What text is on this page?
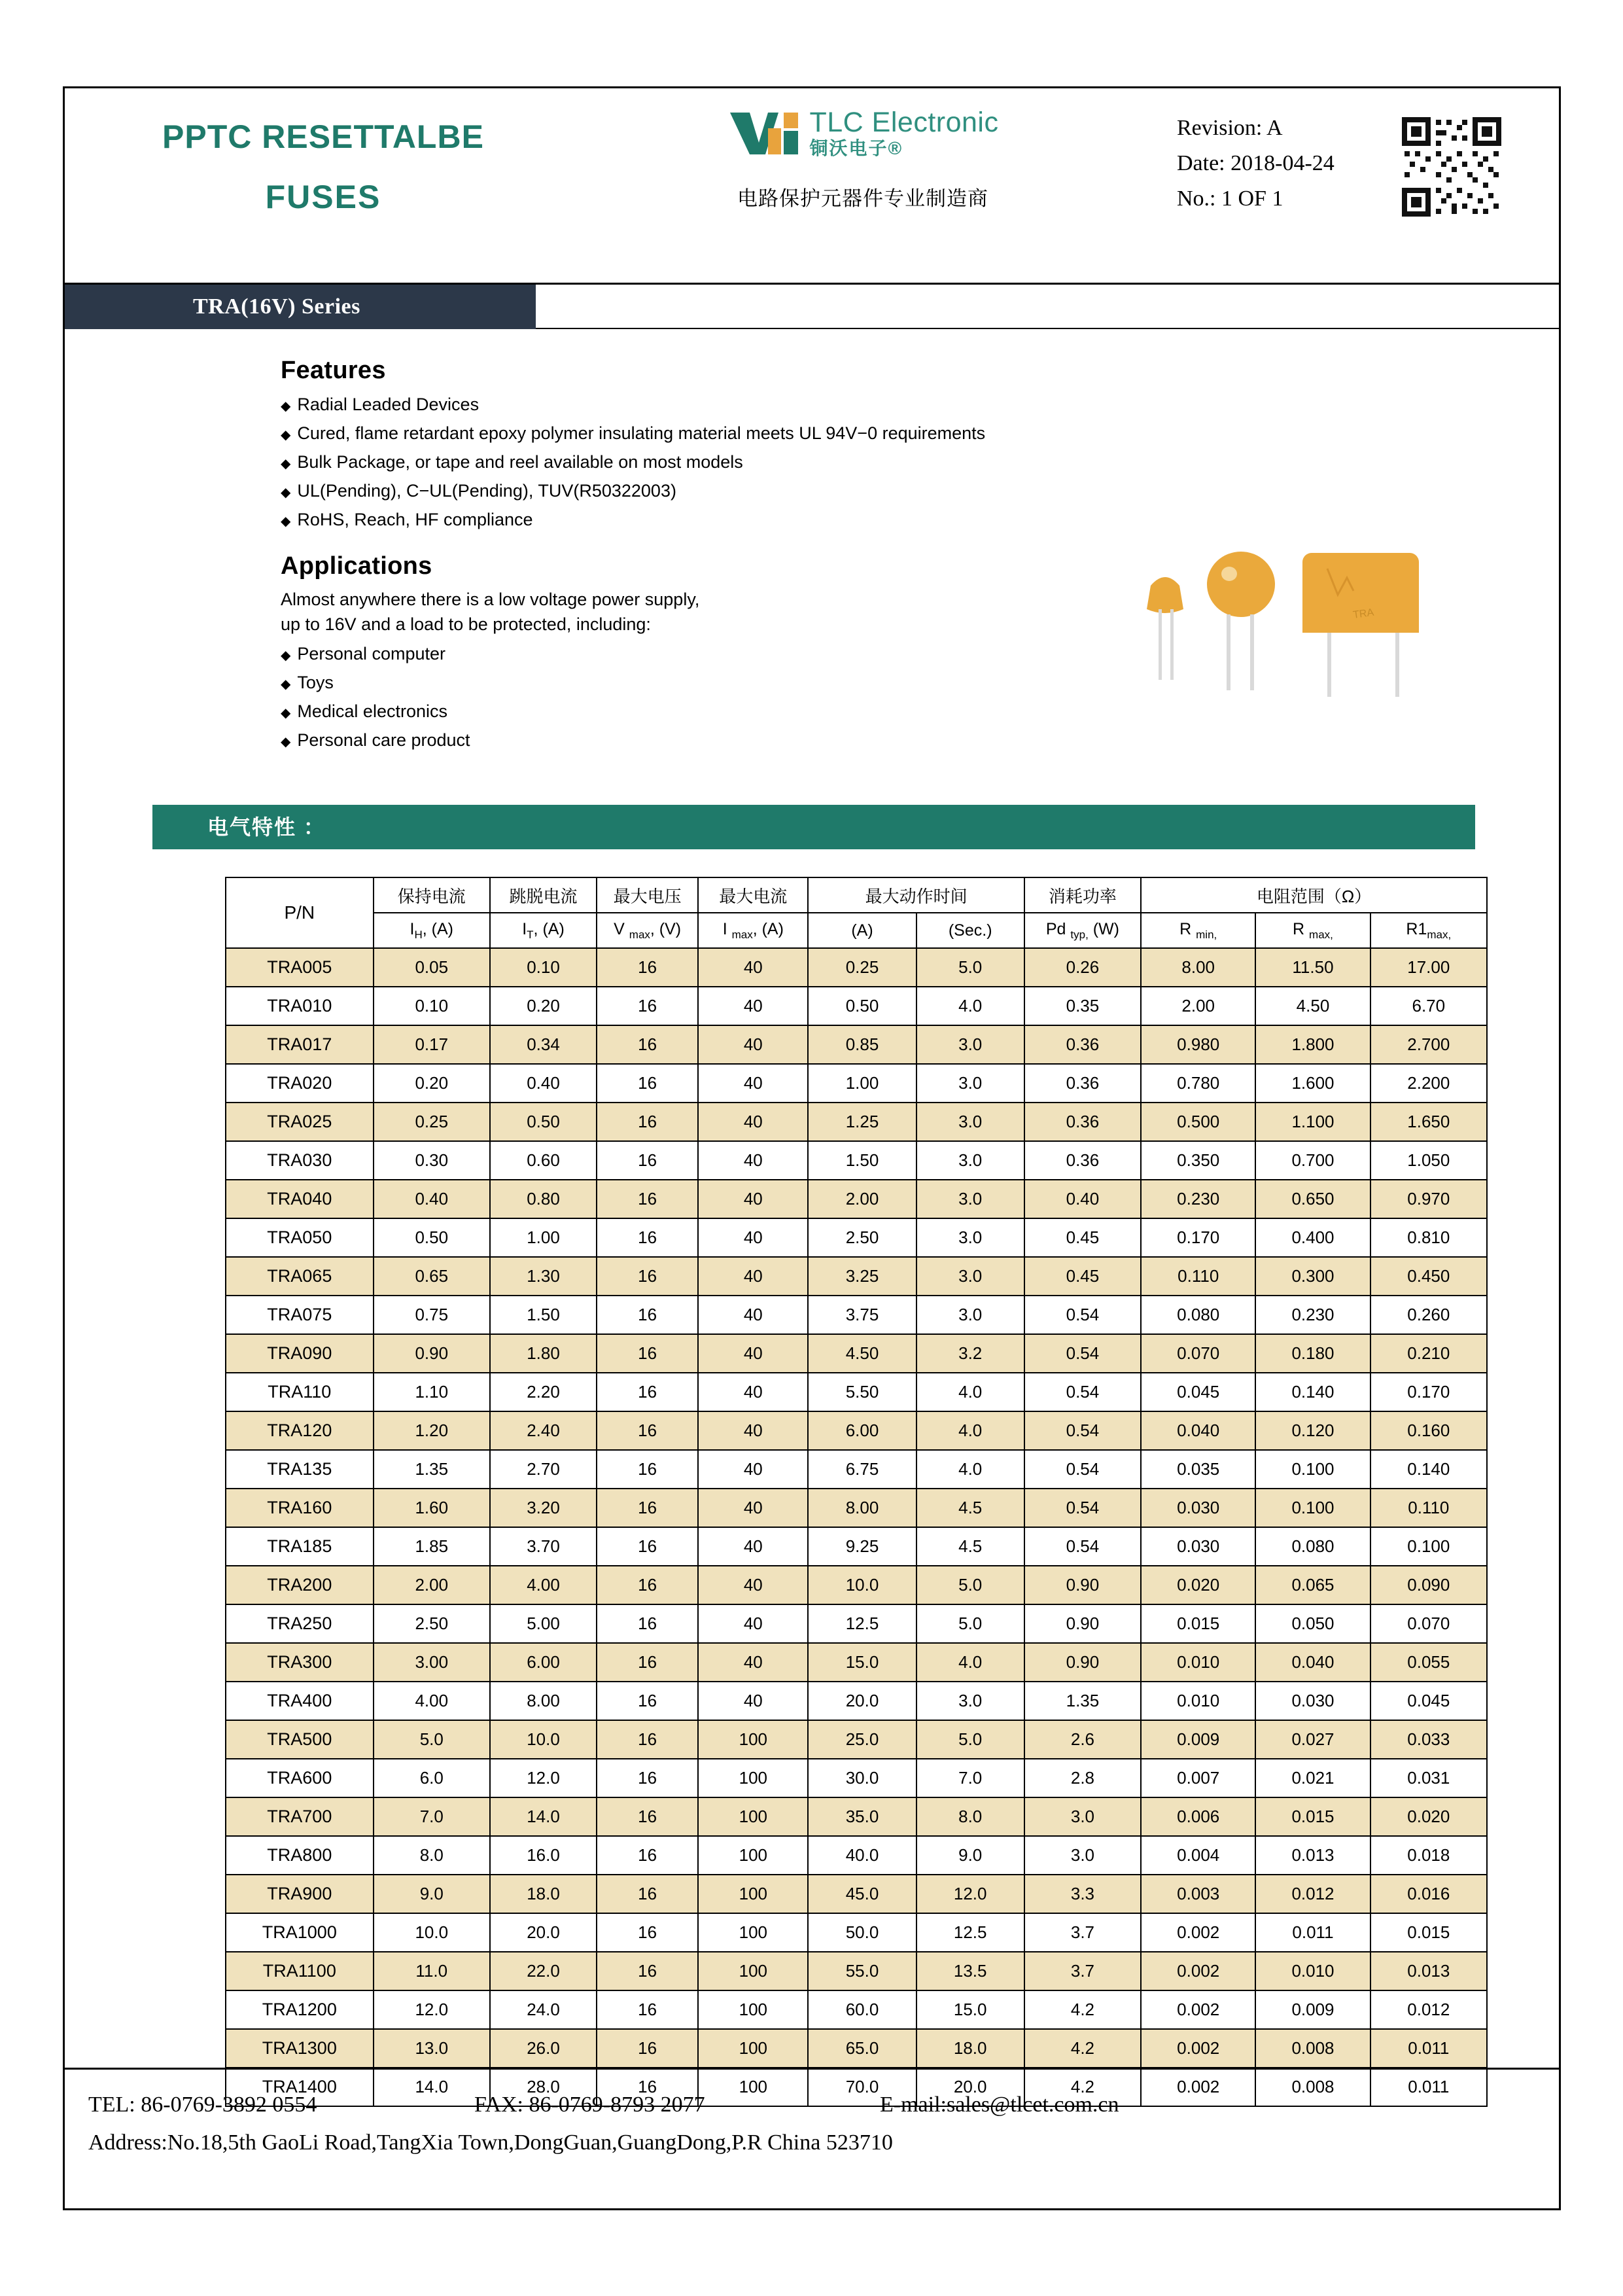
PPTC RESETTALBE
FUSES
TLC Electronic
铜沃电子®
电路保护元器件专业制造商
Revision: A
Date: 2018-04-24
No.: 1 OF 1
TRA(16V) Series
Features
◆ Radial Leaded Devices
◆ Cured, flame retardant epoxy polymer insulating material meets UL 94V−0 requirements
◆ Bulk Package, or tape and reel available on most models
◆ UL(Pending), C−UL(Pending), TUV(R50322003)
◆ RoHS, Reach, HF compliance
Applications
Almost anywhere there is a low voltage power supply,
up to 16V and a load to be protected, including:
◆ Personal computer
◆ Toys
◆ Medical electronics
◆ Personal care product
TRA
电气特性 ：
P/N	保持电流	跳脱电流	最大电压	最大电流	最大动作时间		消耗功率	电阻范围（Ω）		
	$I_H$, (A)	$I_T$, (A)	V $_{max}$, (V)	I $_{max}$, (A)	(A)	(Sec.)	Pd $_{typ,}$ (W)	R $_{min,}$	R $_{max,}$	$R1_{max,}$
TRA005	0.05	0.10	16	40	0.25	5.0	0.26	8.00	11.50	17.00
TRA010	0.10	0.20	16	40	0.50	4.0	0.35	2.00	4.50	6.70
TRA017	0.17	0.34	16	40	0.85	3.0	0.36	0.980	1.800	2.700
TRA020	0.20	0.40	16	40	1.00	3.0	0.36	0.780	1.600	2.200
TRA025	0.25	0.50	16	40	1.25	3.0	0.36	0.500	1.100	1.650
TRA030	0.30	0.60	16	40	1.50	3.0	0.36	0.350	0.700	1.050
TRA040	0.40	0.80	16	40	2.00	3.0	0.40	0.230	0.650	0.970
TRA050	0.50	1.00	16	40	2.50	3.0	0.45	0.170	0.400	0.810
TRA065	0.65	1.30	16	40	3.25	3.0	0.45	0.110	0.300	0.450
TRA075	0.75	1.50	16	40	3.75	3.0	0.54	0.080	0.230	0.260
TRA090	0.90	1.80	16	40	4.50	3.2	0.54	0.070	0.180	0.210
TRA110	1.10	2.20	16	40	5.50	4.0	0.54	0.045	0.140	0.170
TRA120	1.20	2.40	16	40	6.00	4.0	0.54	0.040	0.120	0.160
TRA135	1.35	2.70	16	40	6.75	4.0	0.54	0.035	0.100	0.140
TRA160	1.60	3.20	16	40	8.00	4.5	0.54	0.030	0.100	0.110
TRA185	1.85	3.70	16	40	9.25	4.5	0.54	0.030	0.080	0.100
TRA200	2.00	4.00	16	40	10.0	5.0	0.90	0.020	0.065	0.090
TRA250	2.50	5.00	16	40	12.5	5.0	0.90	0.015	0.050	0.070
TRA300	3.00	6.00	16	40	15.0	4.0	0.90	0.010	0.040	0.055
TRA400	4.00	8.00	16	40	20.0	3.0	1.35	0.010	0.030	0.045
TRA500	5.0	10.0	16	100	25.0	5.0	2.6	0.009	0.027	0.033
TRA600	6.0	12.0	16	100	30.0	7.0	2.8	0.007	0.021	0.031
TRA700	7.0	14.0	16	100	35.0	8.0	3.0	0.006	0.015	0.020
TRA800	8.0	16.0	16	100	40.0	9.0	3.0	0.004	0.013	0.018
TRA900	9.0	18.0	16	100	45.0	12.0	3.3	0.003	0.012	0.016
TRA1000	10.0	20.0	16	100	50.0	12.5	3.7	0.002	0.011	0.015
TRA1100	11.0	22.0	16	100	55.0	13.5	3.7	0.002	0.010	0.013
TRA1200	12.0	24.0	16	100	60.0	15.0	4.2	0.002	0.009	0.012
TRA1300	13.0	26.0	16	100	65.0	18.0	4.2	0.002	0.008	0.011
TRA1400	14.0	28.0	16	100	70.0	20.0	4.2	0.002	0.008	0.011
TEL: 86-0769-3892 0554	FAX: 86-0769-8793 2077	E-mail:sales@tlcet.com.cn
Address:No.18,5th GaoLi Road,TangXia Town,DongGuan,GuangDong,P.R China 523710
